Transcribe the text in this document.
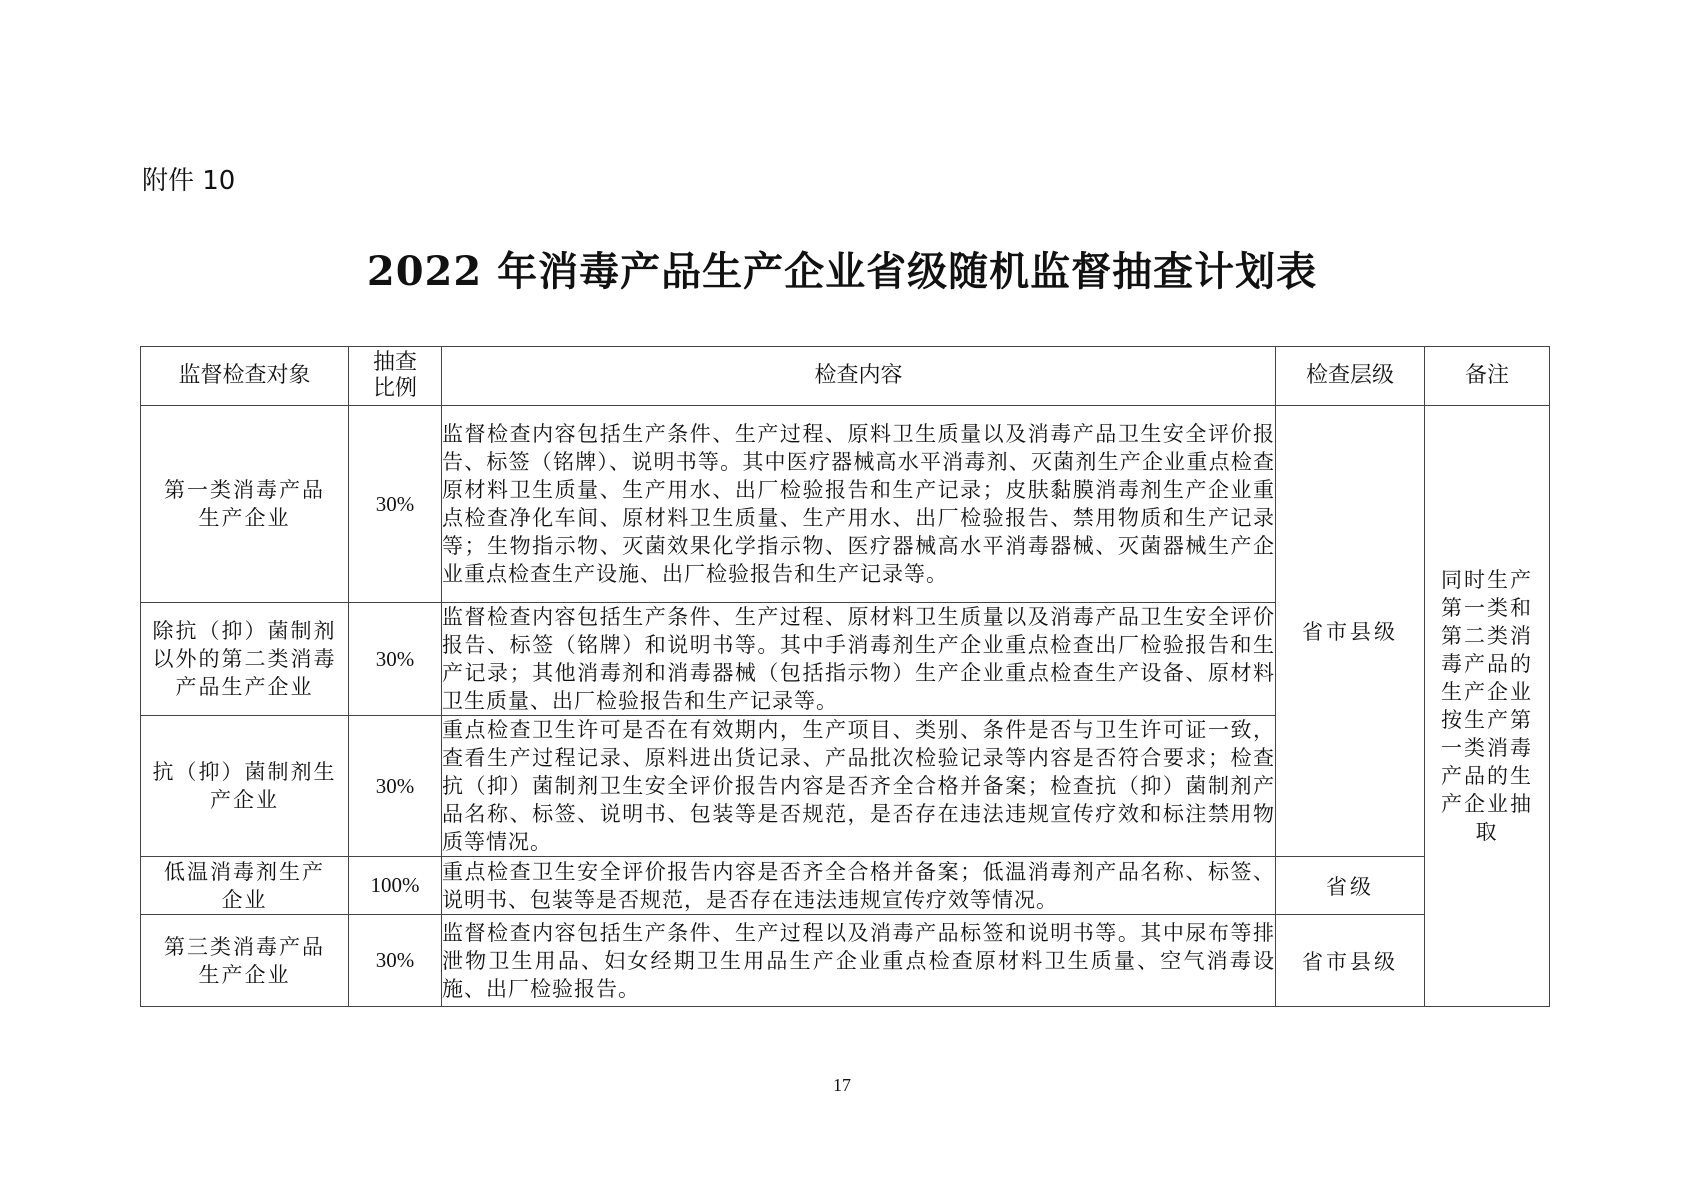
附件 10
2022 年消毒产品生产企业省级随机监督抽查计划表
监督检查对象	抽查比例	检查内容	检查层级	备注
第一类消毒产品生产企业	30%	监督检查内容包括生产条件、生产过程、原料卫生质量以及消毒产品卫生安全评价报告、标签（铭牌）、说明书等。其中医疗器械高水平消毒剂、灭菌剂生产企业重点检查原材料卫生质量、生产用水、出厂检验报告和生产记录；皮肤黏膜消毒剂生产企业重点检查净化车间、原材料卫生质量、生产用水、出厂检验报告、禁用物质和生产记录等；生物指示物、灭菌效果化学指示物、医疗器械高水平消毒器械、灭菌器械生产企业重点检查生产设施、出厂检验报告和生产记录等。	省市县级	同时生产第一类和第二类消毒产品的生产企业按生产第一类消毒产品的生产企业抽取
除抗（抑）菌制剂以外的第二类消毒产品生产企业	30%	监督检查内容包括生产条件、生产过程、原材料卫生质量以及消毒产品卫生安全评价报告、标签（铭牌）和说明书等。其中手消毒剂生产企业重点检查出厂检验报告和生产记录；其他消毒剂和消毒器械（包括指示物）生产企业重点检查生产设备、原材料卫生质量、出厂检验报告和生产记录等。		
抗（抑）菌制剂生产企业	30%	重点检查卫生许可是否在有效期内，生产项目、类别、条件是否与卫生许可证一致，查看生产过程记录、原料进出货记录、产品批次检验记录等内容是否符合要求；检查抗（抑）菌制剂卫生安全评价报告内容是否齐全合格并备案；检查抗（抑）菌制剂产品名称、标签、说明书、包装等是否规范，是否存在违法违规宣传疗效和标注禁用物质等情况。		
低温消毒剂生产企业	100%	重点检查卫生安全评价报告内容是否齐全合格并备案；低温消毒剂产品名称、标签、说明书、包装等是否规范，是否存在违法违规宣传疗效等情况。	省级	
第三类消毒产品生产企业	30%	监督检查内容包括生产条件、生产过程以及消毒产品标签和说明书等。其中尿布等排泄物卫生用品、妇女经期卫生用品生产企业重点检查原材料卫生质量、空气消毒设施、出厂检验报告。	省市县级	
17
